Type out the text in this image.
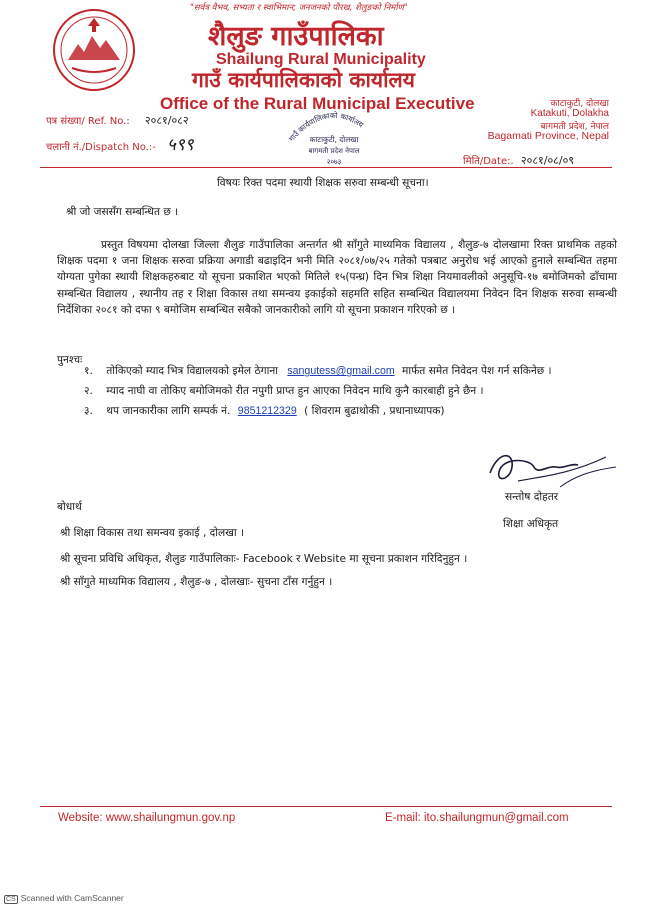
"सर्वत्र वैभव, सभ्यता र स्वाभिमान; जनजनको पौरख, शैलुङको निर्माण"
शैलुङ गाउँपालिका
Shailung Rural Municipality
गाउँ कार्यपालिकाको कार्यालय
Office of the Rural Municipal Executive	काटाकुटी, दोलखा
Katakuti, Dolakha
बागमती प्रदेश, नेपाल
Bagamati Province, Nepal
गाउँ कार्यपालिकाको कार्यालय
काटाकुटी, दोलखा
बागमती प्रदेश नेपाल
२०७३
पत्र संख्या/ Ref. No.: २०८१/०८२
चलानी नं./Dispatch No.:- ५९९
मिति/Date:. २०८१/०८/०९
विषयः रिक्त पदमा स्थायी शिक्षक सरुवा सम्बन्धी सूचना।
श्री जो जससँग सम्बन्धित छ ।
प्रस्तुत विषयमा दोलखा जिल्ला शैलुङ गाउँपालिका अन्तर्गत श्री साँगुते माध्यमिक विद्यालय , शैलुङ-७ दोलखामा रिक्त प्राथमिक तहको शिक्षक पदमा १ जना शिक्षक सरुवा प्रक्रिया अगाडी बढाइदिन भनी मिति २०८१/०७/२५ गतेको पत्रबाट अनुरोध भई आएको हुनाले सम्बन्धित तहमा योग्यता पुगेका स्थायी शिक्षकहरुबाट यो सूचना प्रकाशित भएको मितिले १५(पन्ध्र) दिन भित्र शिक्षा नियमावलीको अनुसूचि-१७ बमोजिमको ढाँचामा सम्बन्धित विद्यालय , स्थानीय तह र शिक्षा विकास तथा समन्वय इकाईको सहमति सहित सम्बन्धित विद्यालयमा निवेदन दिन शिक्षक सरुवा सम्बन्धी निर्देशिका २०८१ को दफा ९ बमोजिम सम्बन्धित सबैको जानकारीको लागि यो सूचना प्रकाशन गरिएको छ ।
पुनश्चः
१. तोकिएको म्याद भित्र विद्यालयको इमेल ठेगाना sangutess@gmail.com मार्फत समेत निवेदन पेश गर्न सकिनेछ ।
२. म्याद नाघी वा तोकिए बमोजिमको रीत नपुगी प्राप्त हुन आएका निवेदन माथि कुनै कारबाही हुने छैन ।
३. थप जानकारीका लागि सम्पर्क नं. 9851212329 ( शिवराम बुढाथोकी , प्रधानाध्यापक)
सन्तोष दोहतर
शिक्षा अधिकृत
बोधार्थ
श्री शिक्षा विकास तथा समन्वय इकाई , दोलखा ।
श्री सूचना प्रविधि अधिकृत, शैलुङ गाउँपालिकाः- Facebook र Website मा सूचना प्रकाशन गरिदिनुहुन ।
श्री साँगुते माध्यमिक विद्यालय , शैलुङ-७ , दोलखाः- सुचना टाँस गर्नुहुन ।
Website: www.shailungmun.gov.np	E-mail: ito.shailungmun@gmail.com
CS Scanned with CamScanner
